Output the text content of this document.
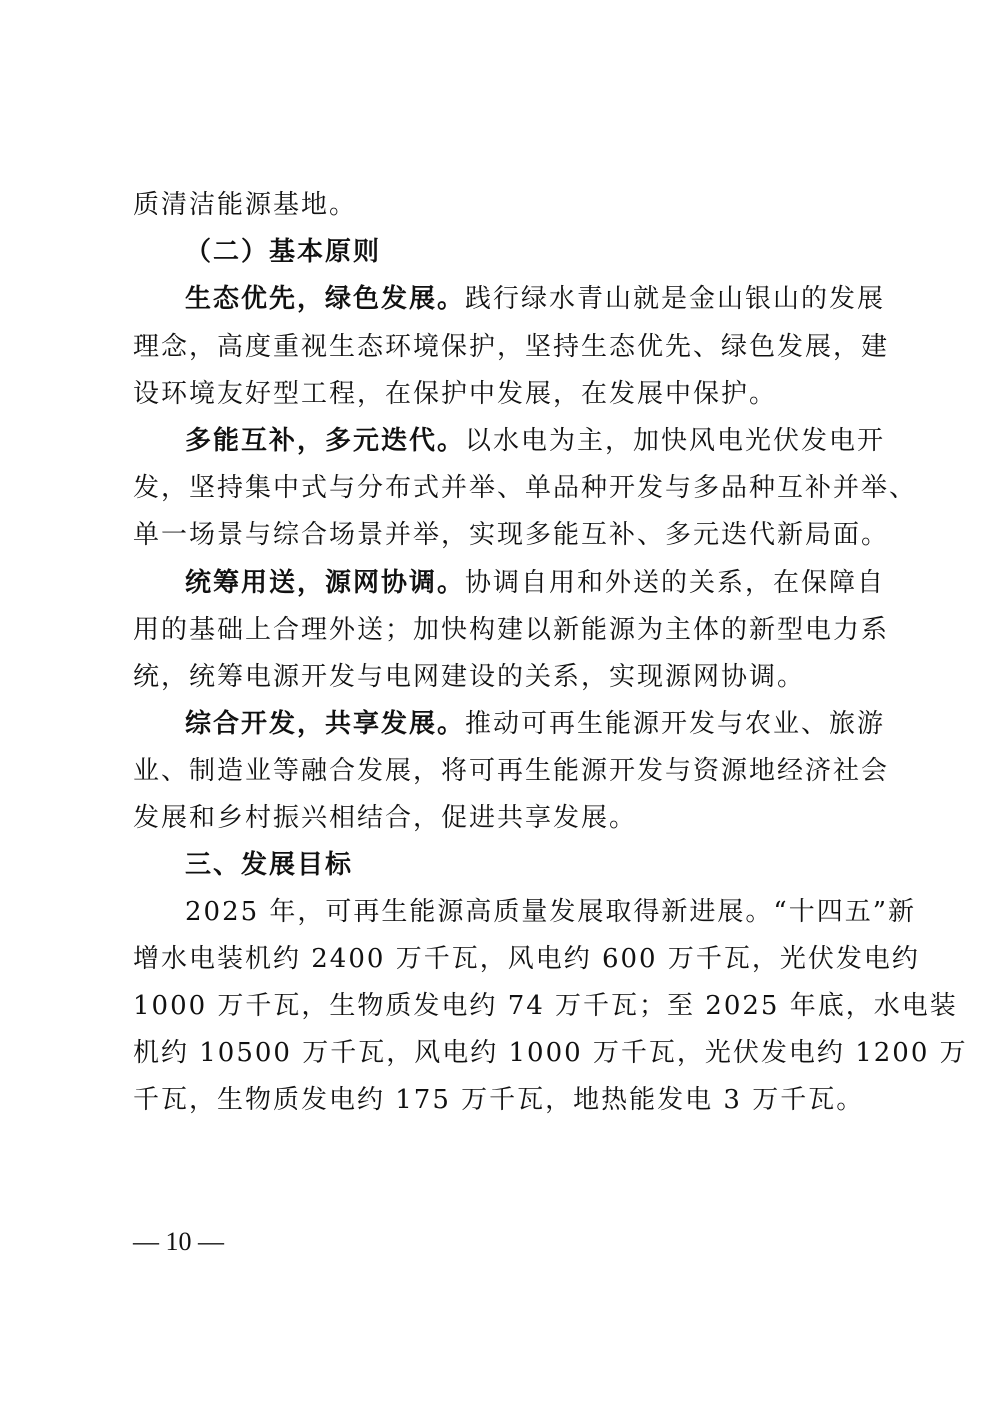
质清洁能源基地。
（二）基本原则
生态优先，绿色发展。践行绿水青山就是金山银山的发展
理念，高度重视生态环境保护，坚持生态优先、绿色发展，建
设环境友好型工程，在保护中发展，在发展中保护。
多能互补，多元迭代。以水电为主，加快风电光伏发电开
发，坚持集中式与分布式并举、单品种开发与多品种互补并举、
单一场景与综合场景并举，实现多能互补、多元迭代新局面。
统筹用送，源网协调。协调自用和外送的关系，在保障自
用的基础上合理外送；加快构建以新能源为主体的新型电力系
统，统筹电源开发与电网建设的关系，实现源网协调。
综合开发，共享发展。推动可再生能源开发与农业、旅游
业、制造业等融合发展，将可再生能源开发与资源地经济社会
发展和乡村振兴相结合，促进共享发展。
三、发展目标
2025 年，可再生能源高质量发展取得新进展。“十四五”新
增水电装机约 2400 万千瓦，风电约 600 万千瓦，光伏发电约
1000 万千瓦，生物质发电约 74 万千瓦；至 2025 年底，水电装
机约 10500 万千瓦，风电约 1000 万千瓦，光伏发电约 1200 万
千瓦，生物质发电约 175 万千瓦，地热能发电 3 万千瓦。
— 10 —
